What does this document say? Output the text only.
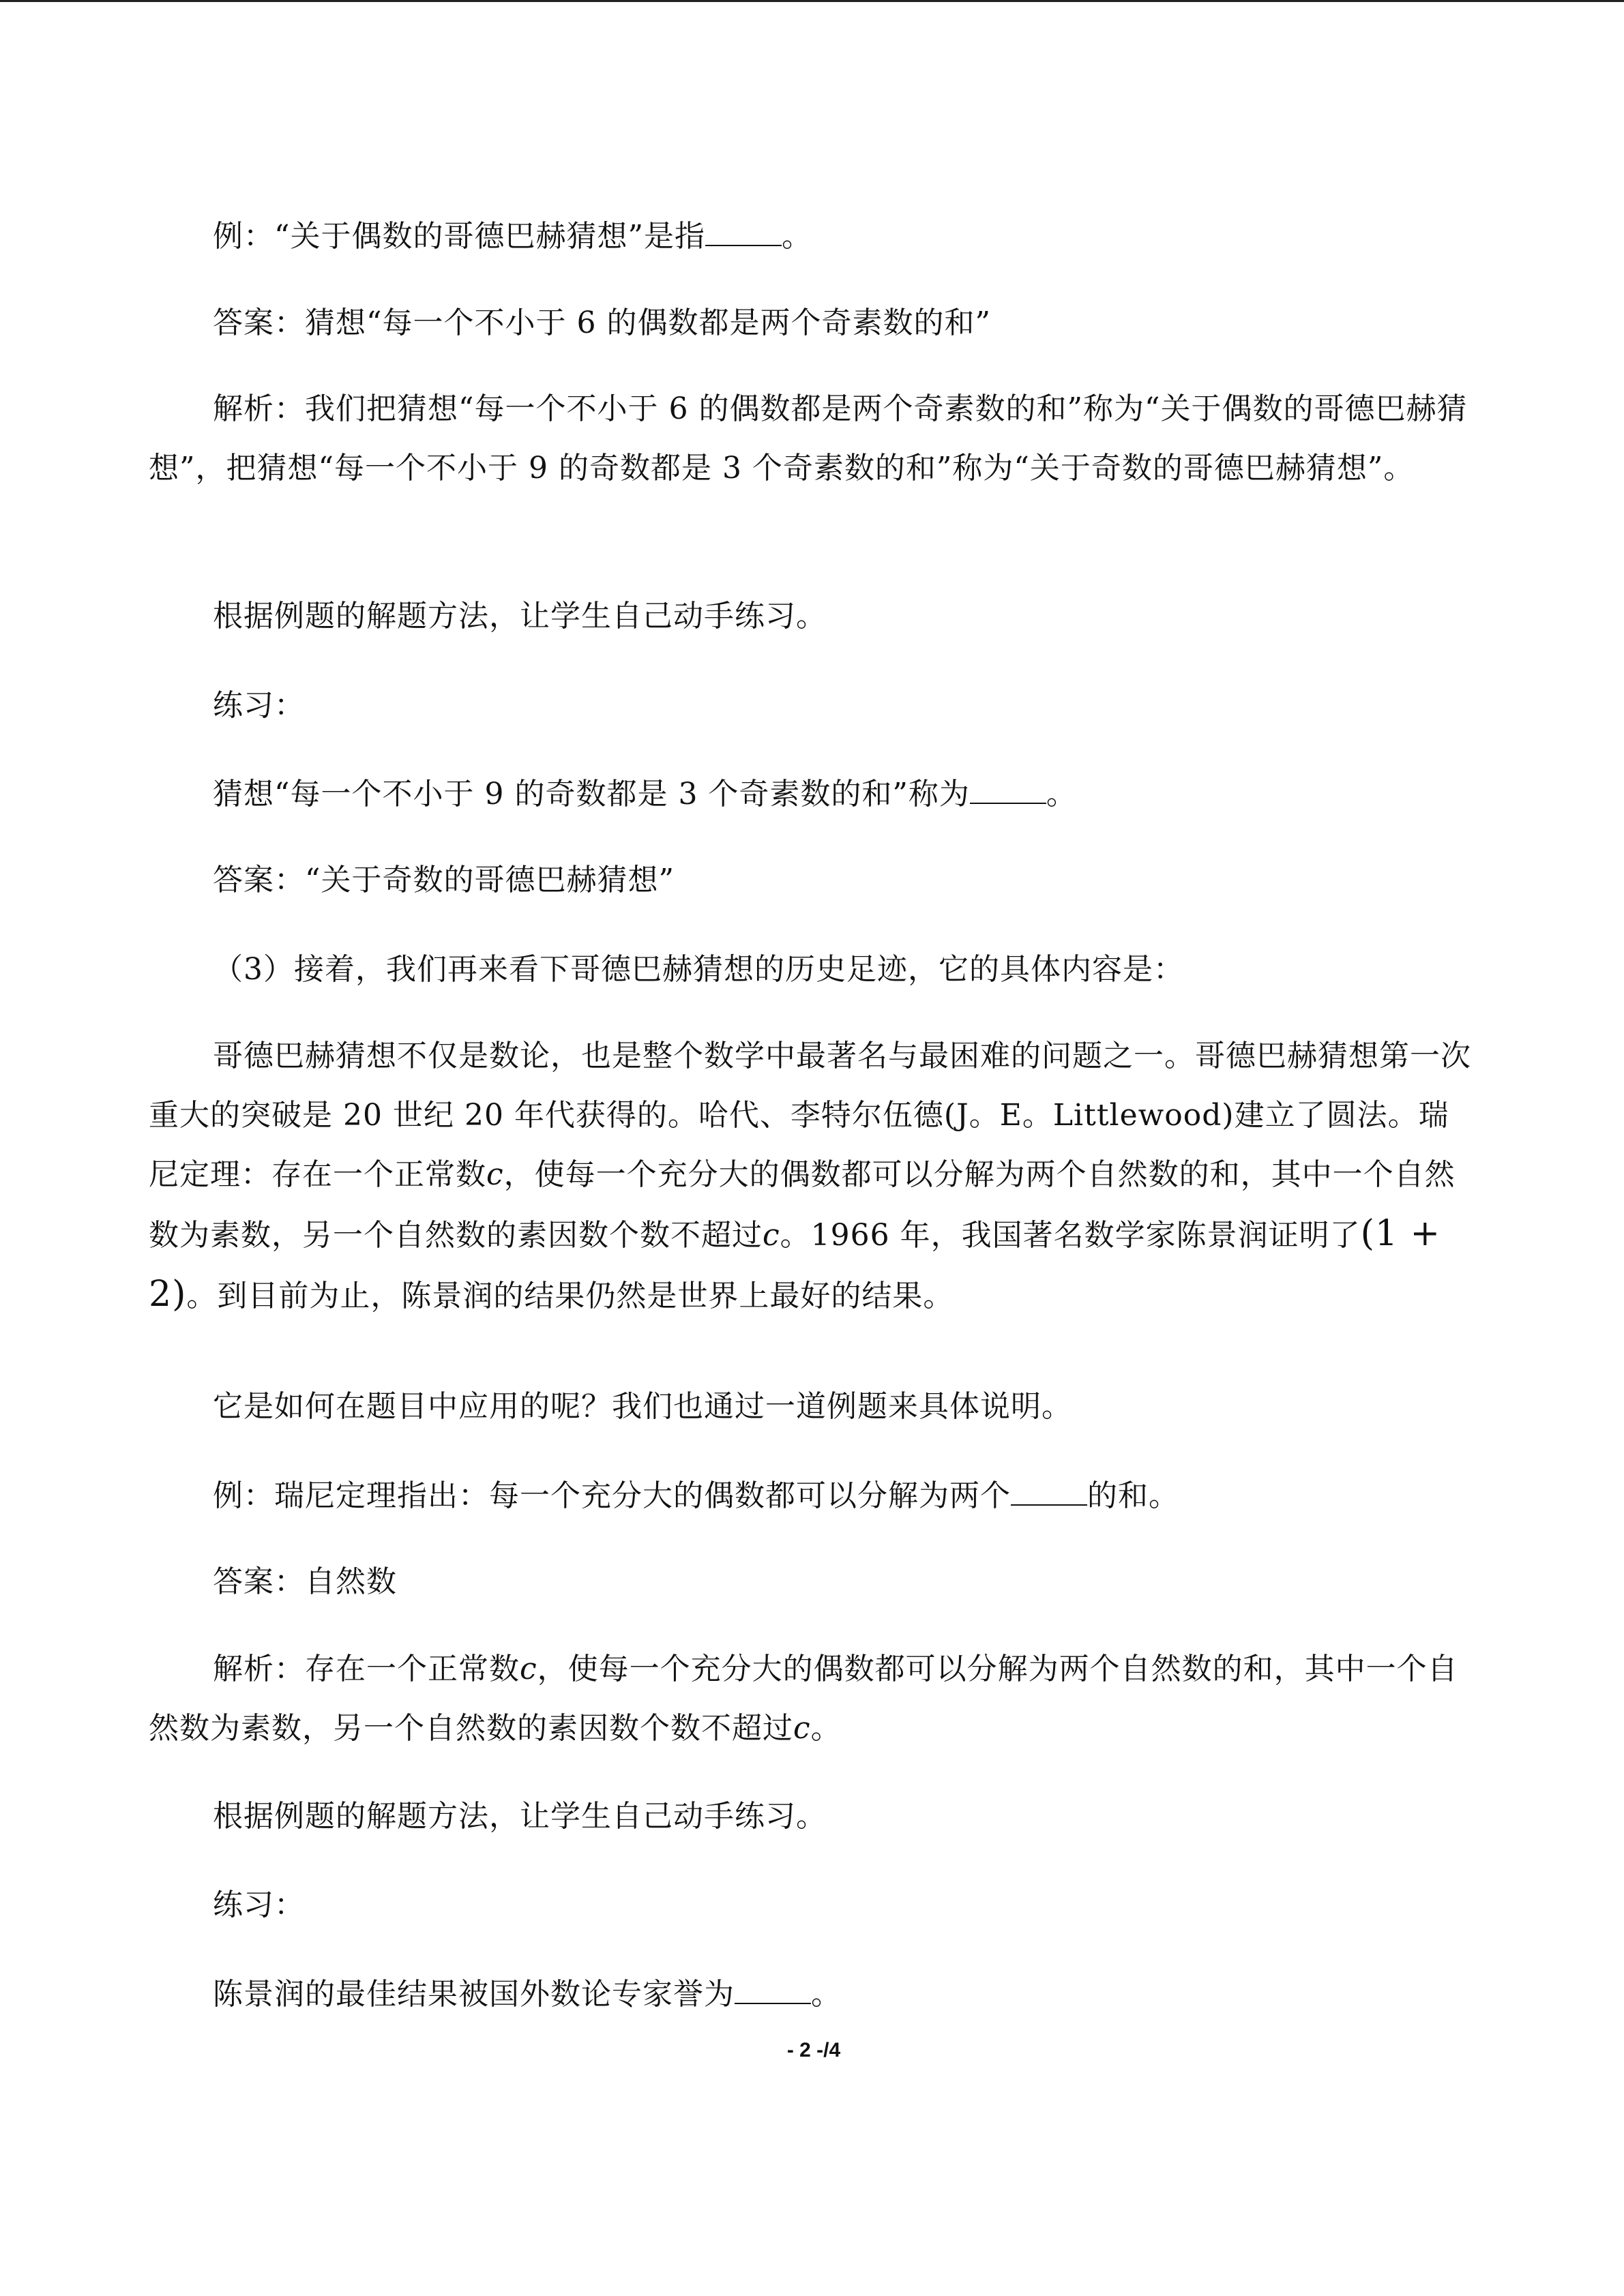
例：“关于偶数的哥德巴赫猜想”是指	。

答案：猜想“每一个不小于 6 的偶数都是两个奇素数的和”

解析：我们把猜想“每一个不小于 6 的偶数都是两个奇素数的和”称为“关于偶数的哥德巴赫猜想”，把猜想“每一个不小于 9 的奇数都是 3 个奇素数的和”称为“关于奇数的哥德巴赫猜想”。

根据例题的解题方法，让学生自己动手练习。

练习：

猜想“每一个不小于 9 的奇数都是 3 个奇素数的和”称为	。

答案：“关于奇数的哥德巴赫猜想”

（3）接着，我们再来看下哥德巴赫猜想的历史足迹，它的具体内容是：

哥德巴赫猜想不仅是数论，也是整个数学中最著名与最困难的问题之一。哥德巴赫猜想第一次重大的突破是 20 世纪 20 年代获得的。哈代、李特尔伍德(J。E。Littlewood)建立了圆法。瑞尼定理：存在一个正常数c，使每一个充分大的偶数都可以分解为两个自然数的和，其中一个自然数为素数，另一个自然数的素因数个数不超过c。1966 年，我国著名数学家陈景润证明了(1 + 2)。到目前为止，陈景润的结果仍然是世界上最好的结果。

它是如何在题目中应用的呢？我们也通过一道例题来具体说明。

例：瑞尼定理指出：每一个充分大的偶数都可以分解为两个	的和。

答案：自然数

解析：存在一个正常数c，使每一个充分大的偶数都可以分解为两个自然数的和，其中一个自然数为素数，另一个自然数的素因数个数不超过c。

根据例题的解题方法，让学生自己动手练习。

练习：

陈景润的最佳结果被国外数论专家誉为	。

- 2 -/4
